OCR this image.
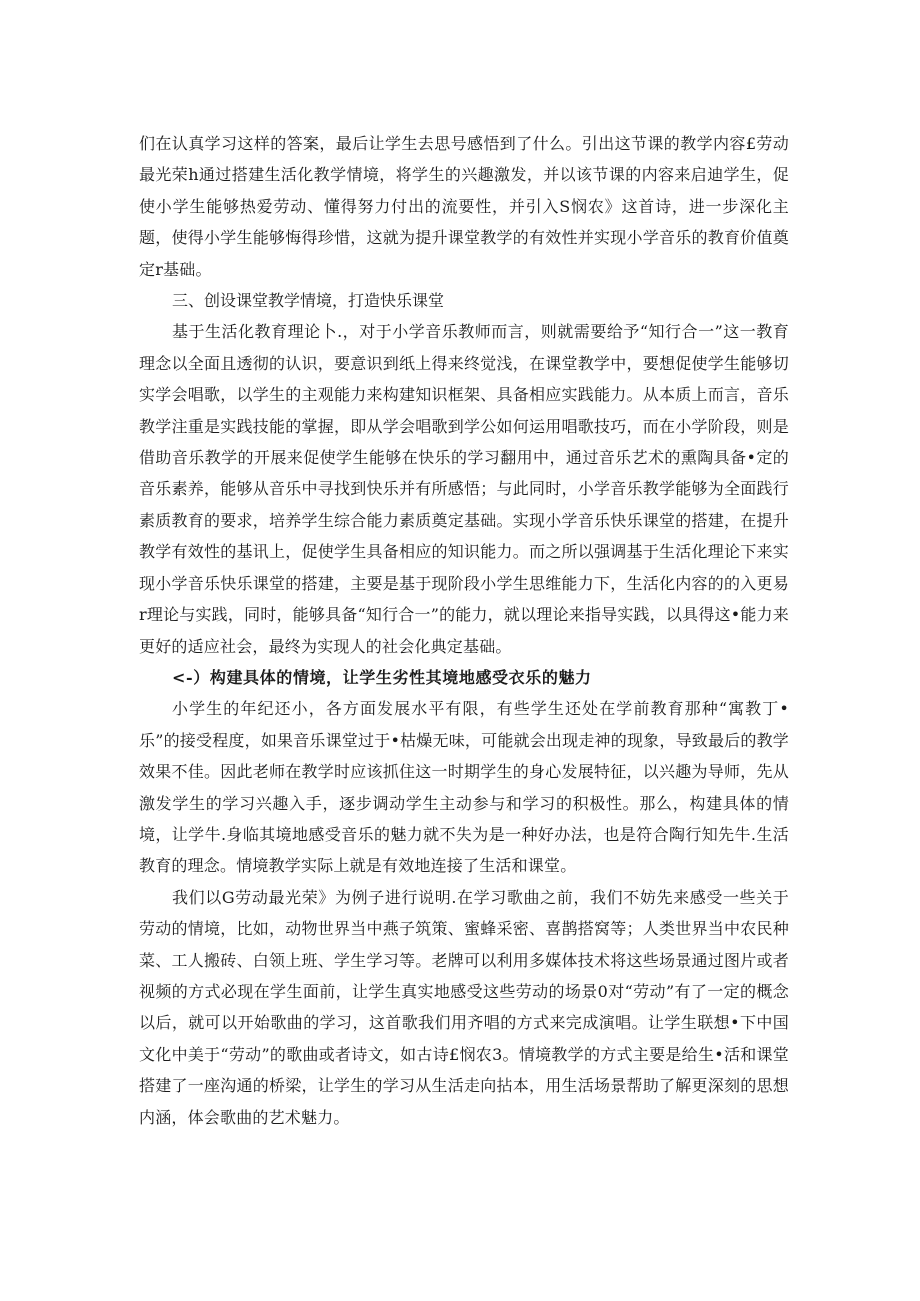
们在认真学习这样的答案，最后让学生去思号感悟到了什么。引出这节课的教学内容£劳动最光荣h通过搭建生活化教学情境，将学生的兴趣激发，并以该节课的内容来启迪学生，促使小学生能够热爱劳动、懂得努力付出的流要性，并引入S悯农》这首诗，进一步深化主题，使得小学生能够悔得珍惜，这就为提升课堂教学的有效性并实现小学音乐的教育价值奠定r基础。

三、创设课堂教学情境，打造快乐课堂

基于生活化教育理论卜.，对于小学音乐教师而言，则就需要给予“知行合一”这一教育理念以全面且透彻的认识，要意识到纸上得来终觉浅，在课堂教学中，要想促使学生能够切实学会唱歌，以学生的主观能力来构建知识框架、具备相应实践能力。从本质上而言，音乐教学注重是实践技能的掌握，即从学会唱歌到学公如何运用唱歌技巧，而在小学阶段，则是借助音乐教学的开展来促使学生能够在快乐的学习翻用中，通过音乐艺术的熏陶具备•定的音乐素养，能够从音乐中寻找到快乐并有所感悟；与此同时，小学音乐教学能够为全面践行素质教育的要求，培养学生综合能力素质奠定基础。实现小学音乐快乐课堂的搭建，在提升教学有效性的基讯上，促使学生具备相应的知识能力。而之所以强调基于生活化理论下来实现小学音乐快乐课堂的搭建，主要是基于现阶段小学生思维能力下，生活化内容的的入更易r理论与实践，同时，能够具备“知行合一”的能力，就以理论来指导实践，以具得这•能力来更好的适应社会，最终为实现人的社会化典定基础。

<-）构建具体的情境，让学生劣性其境地感受衣乐的魅力

小学生的年纪还小，各方面发展水平有限，有些学生还处在学前教育那种“寓教丁•乐”的接受程度，如果音乐课堂过于•枯燥无味，可能就会出现走神的现象，导致最后的教学效果不佳。因此老师在教学时应该抓住这一时期学生的身心发展特征，以兴趣为导师，先从激发学生的学习兴趣入手，逐步调动学生主动参与和学习的积极性。那么，构建具体的情境，让学牛.身临其境地感受音乐的魅力就不失为是一种好办法，也是符合陶行知先牛.生活教育的理念。情境教学实际上就是有效地连接了生活和课堂。

我们以G劳动最光荣》为例子进行说明.在学习歌曲之前，我们不妨先来感受一些关于劳动的情境，比如，动物世界当中燕子筑策、蜜蜂采密、喜鹊搭窝等；人类世界当中农民种菜、工人搬砖、白领上班、学生学习等。老牌可以利用多媒体技术将这些场景通过图片或者视频的方式必现在学生面前，让学生真实地感受这些劳动的场景0对“劳动”有了一定的概念以后，就可以开始歌曲的学习，这首歌我们用齐唱的方式来完成演唱。让学生联想•下中国文化中美于“劳动”的歌曲或者诗文，如古诗£悯农3。情境教学的方式主要是给生•活和课堂搭建了一座沟通的桥梁，让学生的学习从生活走向拈本，用生活场景帮助了解更深刻的思想内涵，体会歌曲的艺术魅力。
